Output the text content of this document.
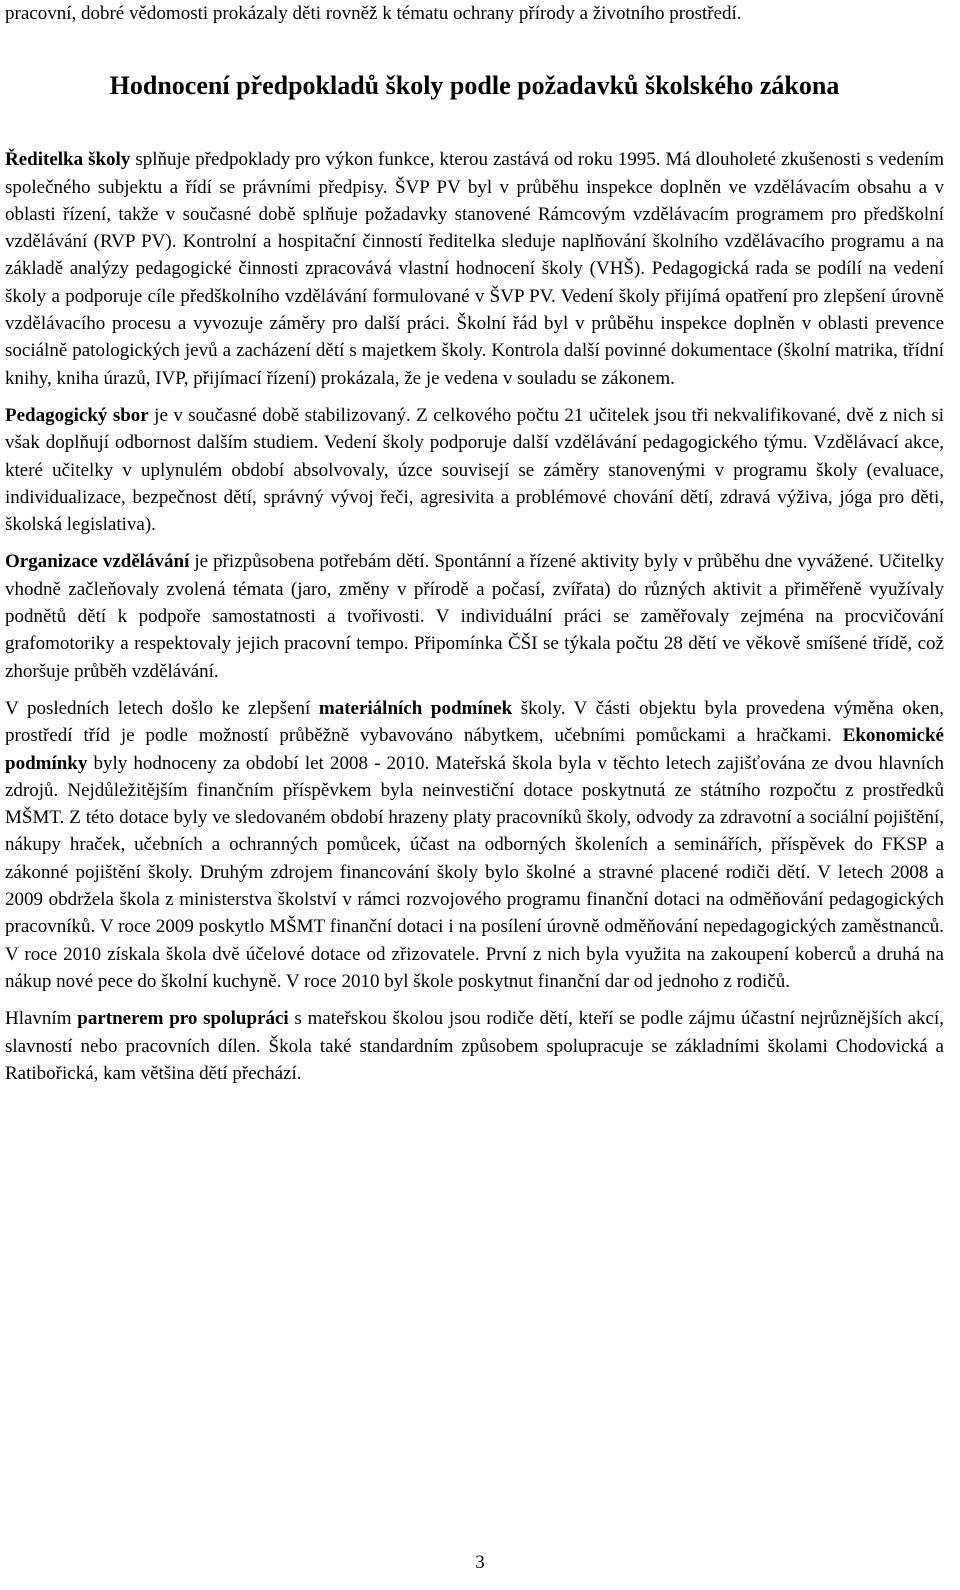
pracovní, dobré vědomosti prokázaly děti rovněž k tématu ochrany přírody a životního prostředí.

Hodnocení předpokladů školy podle požadavků školského zákona

Ředitelka školy splňuje předpoklady pro výkon funkce, kterou zastává od roku 1995. Má dlouholeté zkušenosti s vedením společného subjektu a řídí se právními předpisy. ŠVP PV byl v průběhu inspekce doplněn ve vzdělávacím obsahu a v oblasti řízení, takže v současné době splňuje požadavky stanovené Rámcovým vzdělávacím programem pro předškolní vzdělávání (RVP PV). Kontrolní a hospitační činností ředitelka sleduje naplňování školního vzdělávacího programu a na základě analýzy pedagogické činnosti zpracovává vlastní hodnocení školy (VHŠ). Pedagogická rada se podílí na vedení školy a podporuje cíle předškolního vzdělávání formulované v ŠVP PV. Vedení školy přijímá opatření pro zlepšení úrovně vzdělávacího procesu a vyvozuje záměry pro další práci. Školní řád byl v průběhu inspekce doplněn v oblasti prevence sociálně patologických jevů a zacházení dětí s majetkem školy. Kontrola další povinné dokumentace (školní matrika, třídní knihy, kniha úrazů, IVP, přijímací řízení) prokázala, že je vedena v souladu se zákonem.

Pedagogický sbor je v současné době stabilizovaný. Z celkového počtu 21 učitelek jsou tři nekvalifikované, dvě z nich si však doplňují odbornost dalším studiem. Vedení školy podporuje další vzdělávání pedagogického týmu. Vzdělávací akce, které učitelky v uplynulém období absolvovaly, úzce souvisejí se záměry stanovenými v programu školy (evaluace, individualizace, bezpečnost dětí, správný vývoj řeči, agresivita a problémové chování dětí, zdravá výživa, jóga pro děti, školská legislativa).

Organizace vzdělávání je přizpůsobena potřebám dětí. Spontánní a řízené aktivity byly v průběhu dne vyvážené. Učitelky vhodně začleňovaly zvolená témata (jaro, změny v přírodě a počasí, zvířata) do různých aktivit a přiměřeně využívaly podnětů dětí k podpoře samostatnosti a tvořivosti. V individuální práci se zaměřovaly zejména na procvičování grafomotoriky a respektovaly jejich pracovní tempo. Připomínka ČŠI se týkala počtu 28 dětí ve věkově smíšené třídě, což zhoršuje průběh vzdělávání.

V posledních letech došlo ke zlepšení materiálních podmínek školy. V části objektu byla provedena výměna oken, prostředí tříd je podle možností průběžně vybavováno nábytkem, učebními pomůckami a hračkami. Ekonomické podmínky byly hodnoceny za období let 2008 - 2010. Mateřská škola byla v těchto letech zajišťována ze dvou hlavních zdrojů. Nejdůležitějším finančním příspěvkem byla neinvestiční dotace poskytnutá ze státního rozpočtu z prostředků MŠMT. Z této dotace byly ve sledovaném období hrazeny platy pracovníků školy, odvody za zdravotní a sociální pojištění, nákupy hraček, učebních a ochranných pomůcek, účast na odborných školeních a seminářích, příspěvek do FKSP a zákonné pojištění školy. Druhým zdrojem financování školy bylo školné a stravné placené rodiči dětí. V letech 2008 a 2009 obdržela škola z ministerstva školství v rámci rozvojového programu finanční dotaci na odměňování pedagogických pracovníků. V roce 2009 poskytlo MŠMT finanční dotaci i na posílení úrovně odměňování nepedagogických zaměstnanců. V roce 2010 získala škola dvě účelové dotace od zřizovatele. První z nich byla využita na zakoupení koberců a druhá na nákup nové pece do školní kuchyně. V roce 2010 byl škole poskytnut finanční dar od jednoho z rodičů.

Hlavním partnerem pro spolupráci s mateřskou školou jsou rodiče dětí, kteří se podle zájmu účastní nejrůznějších akcí, slavností nebo pracovních dílen. Škola také standardním způsobem spolupracuje se základními školami Chodovická a Ratibořická, kam většina dětí přechází.

3
